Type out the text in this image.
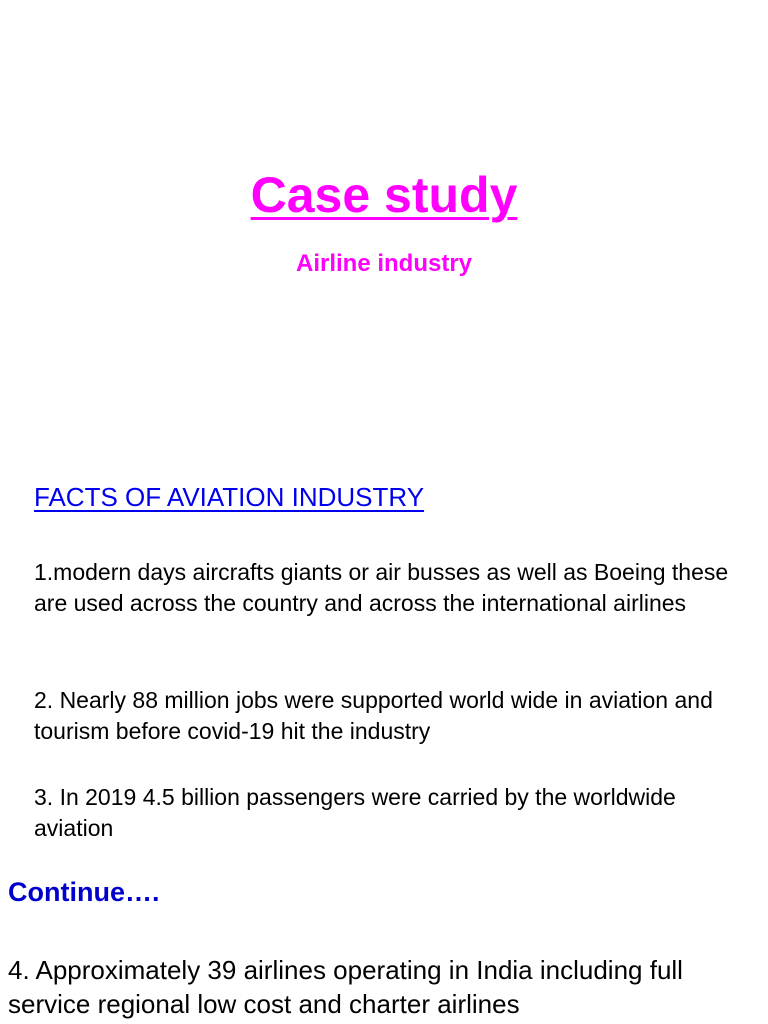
Case study
Airline industry
FACTS OF AVIATION INDUSTRY
1.modern days aircrafts giants or air busses as well as Boeing these are used across the country and across the international airlines
2. Nearly 88 million jobs were supported world wide in aviation and tourism before covid-19 hit the industry
3. In 2019 4.5 billion passengers were carried by the worldwide aviation
Continue….
4. Approximately 39 airlines operating in India including full service regional low cost and charter airlines
